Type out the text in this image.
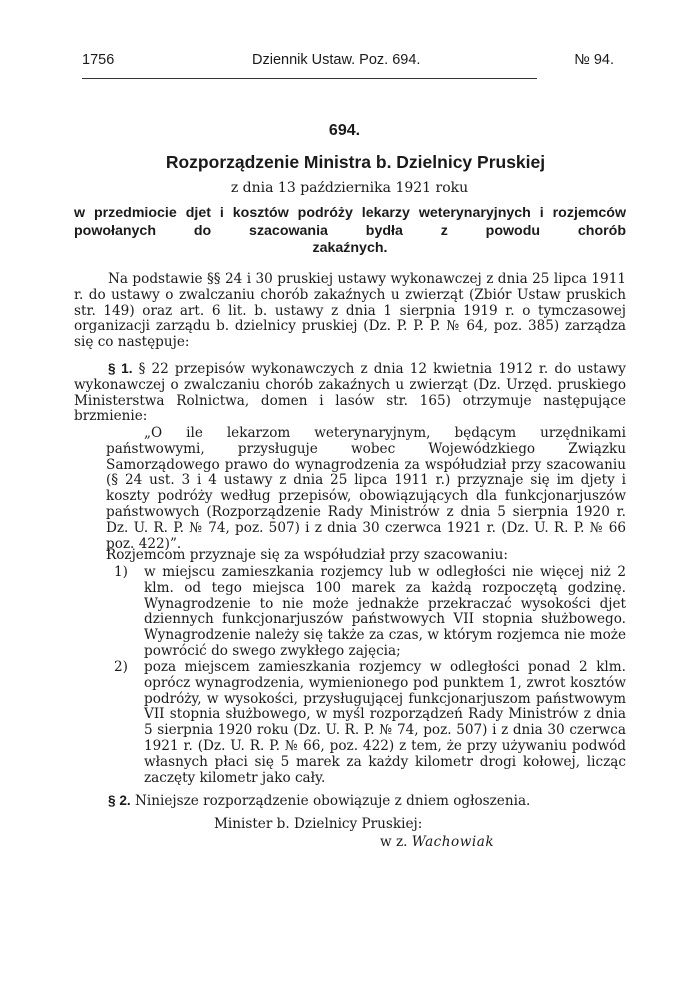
1756	Dziennik Ustaw. Poz. 694.	№ 94.
694.
Rozporządzenie Ministra b. Dzielnicy Pruskiej
z dnia 13 października 1921 roku
w przedmiocie djet i kosztów podróży lekarzy weterynaryjnych i rozjemców powołanych do szacowania bydła z powodu chorób
zakaźnych.
Na podstawie §§ 24 i 30 pruskiej ustawy wykonawczej z dnia 25 lipca 1911 r. do ustawy o zwalczaniu chorób zakaźnych u zwierząt (Zbiór Ustaw pruskich str. 149) oraz art. 6 lit. b. ustawy z dnia 1 sierpnia 1919 r. o tymczasowej organizacji zarządu b. dzielnicy pruskiej (Dz. P. P. P. № 64, poz. 385) zarządza się co następuje:
§ 1. § 22 przepisów wykonawczych z dnia 12 kwietnia 1912 r. do ustawy wykonawczej o zwalczaniu chorób zakaźnych u zwierząt (Dz. Urzęd. pruskiego Ministerstwa Rolnictwa, domen i lasów str. 165) otrzymuje następujące brzmienie:
„O ile lekarzom weterynaryjnym, będącym urzędnikami państwowymi, przysługuje wobec Wojewódzkiego Związku Samorządowego prawo do wynagrodzenia za współudział przy szacowaniu (§ 24 ust. 3 i 4 ustawy z dnia 25 lipca 1911 r.) przyznaje się im djety i koszty podróży według przepisów, obowiązujących dla funkcjonarjuszów państwowych (Rozporządzenie Rady Ministrów z dnia 5 sierpnia 1920 r. Dz. U. R. P. № 74, poz. 507) i z dnia 30 czerwca 1921 r. (Dz. U. R. P. № 66 poz. 422)”.
Rozjemcom przyznaje się za współudział przy szacowaniu:
1) w miejscu zamieszkania rozjemcy lub w odległości nie więcej niż 2 klm. od tego miejsca 100 marek za każdą rozpoczętą godzinę. Wynagrodzenie to nie może jednakże przekraczać wysokości djet dziennych funkcjonarjuszów państwowych VII stopnia służbowego. Wynagrodzenie należy się także za czas, w którym rozjemca nie może powrócić do swego zwykłego zajęcia;
2) poza miejscem zamieszkania rozjemcy w odległości ponad 2 klm. oprócz wynagrodzenia, wymienionego pod punktem 1, zwrot kosztów podróży, w wysokości, przysługującej funkcjonarjuszom państwowym VII stopnia służbowego, w myśl rozporządzeń Rady Ministrów z dnia 5 sierpnia 1920 roku (Dz. U. R. P. № 74, poz. 507) i z dnia 30 czerwca 1921 r. (Dz. U. R. P. № 66, poz. 422) z tem, że przy używaniu podwód własnych płaci się 5 marek za każdy kilometr drogi kołowej, licząc zaczęty kilometr jako cały.
§ 2. Niniejsze rozporządzenie obowiązuje z dniem ogłoszenia.
Minister b. Dzielnicy Pruskiej:
w z. Wachowiak
